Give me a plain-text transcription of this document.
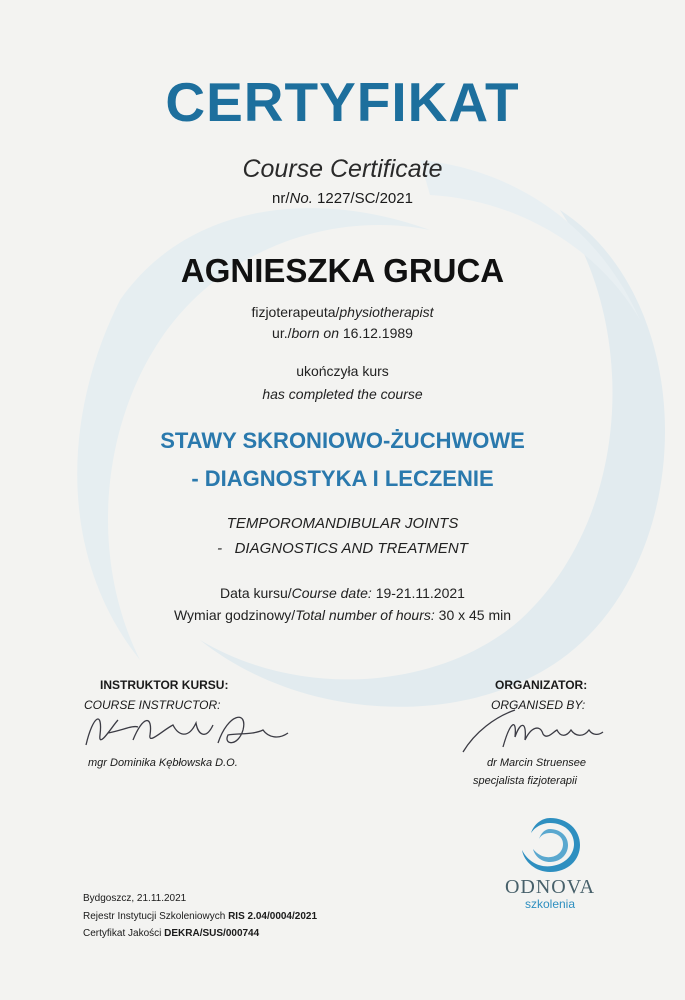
CERTYFIKAT
Course Certificate
nr/No. 1227/SC/2021
AGNIESZKA GRUCA
fizjoterapeuta/physiotherapist
ur./born on 16.12.1989
ukończyła kurs
has completed the course
STAWY SKRONIOWO-ŻUCHWOWE
- DIAGNOSTYKA I LECZENIE
TEMPOROMANDIBULAR JOINTS
-   DIAGNOSTICS AND TREATMENT
Data kursu/Course date: 19-21.11.2021
Wymiar godzinowy/Total number of hours: 30 x 45 min
INSTRUKTOR KURSU:
COURSE INSTRUCTOR:
mgr Dominika Kębłowska D.O.
ORGANIZATOR:
ORGANISED BY:
dr Marcin Struensee
specjalista fizjoterapii
ODNOVA
szkolenia
Bydgoszcz, 21.11.2021
Rejestr Instytucji Szkoleniowych RIS 2.04/0004/2021
Certyfikat Jakości DEKRA/SUS/000744
